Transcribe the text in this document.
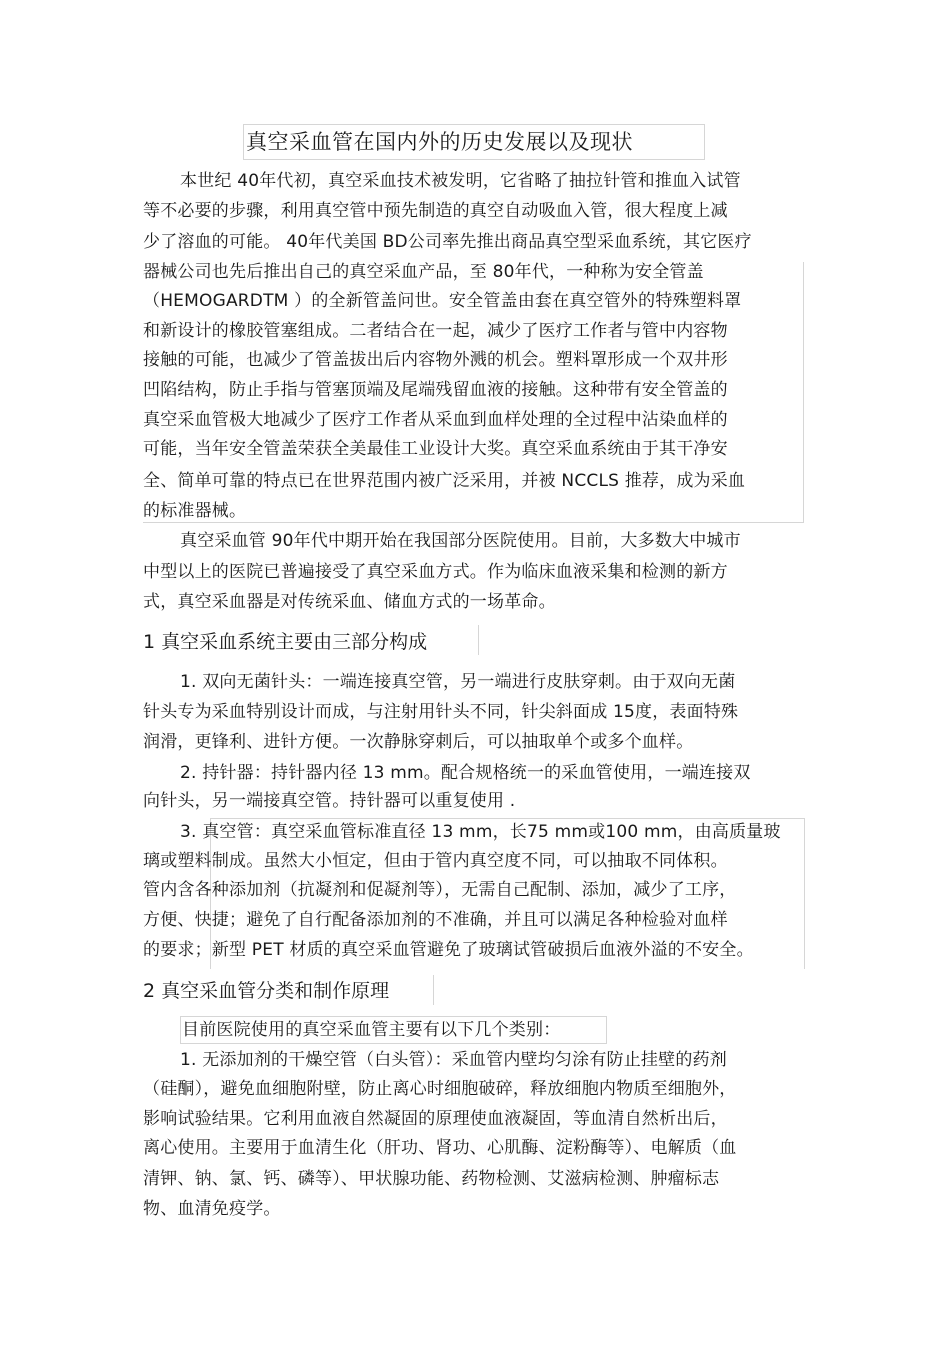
真空采血管在国内外的历史发展以及现状
本世纪 40年代初，真空采血技术被发明，它省略了抽拉针管和推血入试管
等不必要的步骤，利用真空管中预先制造的真空自动吸血入管，很大程度上减
少了溶血的可能。 40年代美国 BD公司率先推出商品真空型采血系统，其它医疗
器械公司也先后推出自己的真空采血产品，至 80年代，一种称为安全管盖
（HEMOGARDTM ）的全新管盖问世。安全管盖由套在真空管外的特殊塑料罩
和新设计的橡胶管塞组成。二者结合在一起，减少了医疗工作者与管中内容物
接触的可能，也减少了管盖拔出后内容物外溅的机会。塑料罩形成一个双井形
凹陷结构，防止手指与管塞顶端及尾端残留血液的接触。这种带有安全管盖的
真空采血管极大地减少了医疗工作者从采血到血样处理的全过程中沾染血样的
可能，当年安全管盖荣获全美最佳工业设计大奖。真空采血系统由于其干净安
全、简单可靠的特点已在世界范围内被广泛采用，并被 NCCLS 推荐，成为采血
的标准器械。
真空采血管 90年代中期开始在我国部分医院使用。目前，大多数大中城市
中型以上的医院已普遍接受了真空采血方式。作为临床血液采集和检测的新方
式，真空采血器是对传统采血、储血方式的一场革命。
1 真空采血系统主要由三部分构成
1. 双向无菌针头：一端连接真空管，另一端进行皮肤穿刺。由于双向无菌
针头专为采血特别设计而成，与注射用针头不同，针尖斜面成 15度，表面特殊
润滑，更锋利、进针方便。一次静脉穿刺后，可以抽取单个或多个血样。
2. 持针器：持针器内径 13 mm。配合规格统一的采血管使用，一端连接双
向针头，另一端接真空管。持针器可以重复使用 .
3. 真空管：真空采血管标准直径 13 mm，长75 mm或100 mm，由高质量玻
璃或塑料制成。虽然大小恒定，但由于管内真空度不同，可以抽取不同体积。
管内含各种添加剂（抗凝剂和促凝剂等），无需自己配制、添加，减少了工序，
方便、快捷；避免了自行配备添加剂的不准确，并且可以满足各种检验对血样
的要求；新型 PET 材质的真空采血管避免了玻璃试管破损后血液外溢的不安全。
2 真空采血管分类和制作原理
目前医院使用的真空采血管主要有以下几个类别：
1. 无添加剂的干燥空管（白头管）：采血管内壁均匀涂有防止挂壁的药剂
（硅酮），避免血细胞附壁，防止离心时细胞破碎，释放细胞内物质至细胞外，
影响试验结果。它利用血液自然凝固的原理使血液凝固，等血清自然析出后，
离心使用。主要用于血清生化（肝功、肾功、心肌酶、淀粉酶等）、电解质（血
清钾、钠、氯、钙、磷等）、甲状腺功能、药物检测、艾滋病检测、肿瘤标志
物、血清免疫学。
